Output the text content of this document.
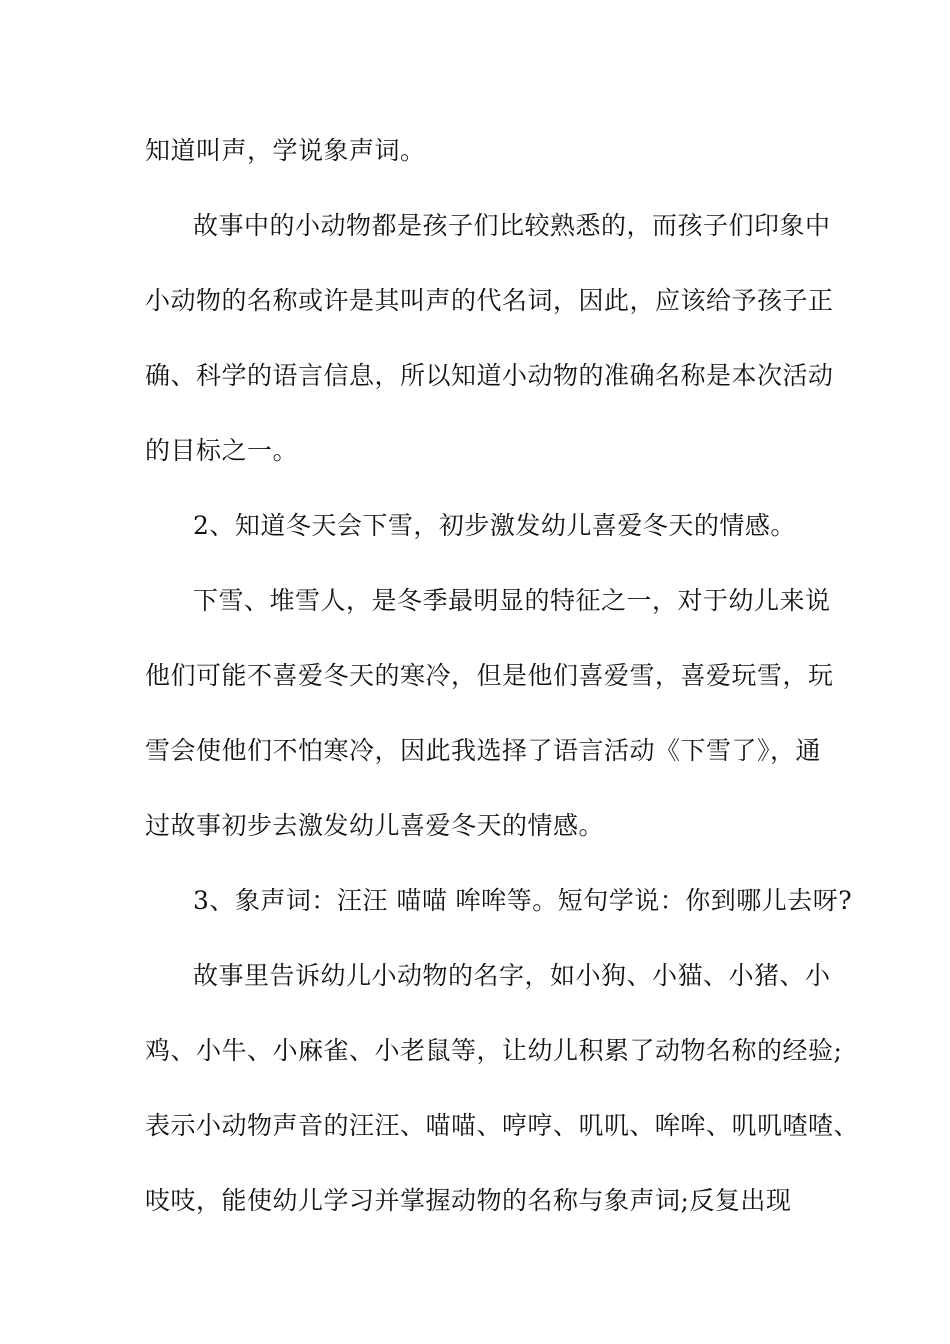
知道叫声，学说象声词。
故事中的小动物都是孩子们比较熟悉的，而孩子们印象中
小动物的名称或许是其叫声的代名词，因此，应该给予孩子正
确、科学的语言信息，所以知道小动物的准确名称是本次活动
的目标之一。
2、知道冬天会下雪，初步激发幼儿喜爱冬天的情感。
下雪、堆雪人，是冬季最明显的特征之一，对于幼儿来说
他们可能不喜爱冬天的寒冷，但是他们喜爱雪，喜爱玩雪，玩
雪会使他们不怕寒冷，因此我选择了语言活动《下雪了》，通
过故事初步去激发幼儿喜爱冬天的情感。
3、象声词：汪汪 喵喵 哞哞等。短句学说：你到哪儿去呀?
故事里告诉幼儿小动物的名字，如小狗、小猫、小猪、小
鸡、小牛、小麻雀、小老鼠等，让幼儿积累了动物名称的经验;
表示小动物声音的汪汪、喵喵、哼哼、叽叽、哞哞、叽叽喳喳、
吱吱，能使幼儿学习并掌握动物的名称与象声词;反复出现
